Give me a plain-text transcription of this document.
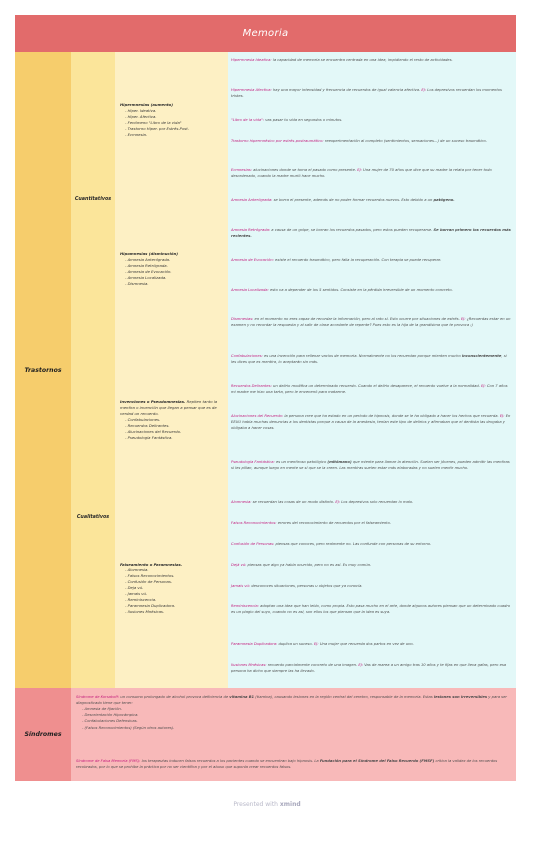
Memoria
Trastornos
Síndromes
Cuantitativos
Cualitativos
Hipermnesias (aumento)
- Hiper. Ideativa.
- Hiper. Afectiva.
- Fenómeno "Libro de la vida"
- Trastorno Hiper. por Estrés-Post.
- Ecmnesia.
Hipomnesias (disminución)
- Amnesia Anterógrada.
- Amnesia Retrógrada.
- Amnesia de Evocación.
- Amnesia Localizada.
- Dismnesia.
Invenciones o Pseudomnesias. Repiten tanto la mentira o invención que llegan a pensar que es de verdad un recuerdo.
- Confabulaciones.
- Recuerdos Delirantes.
- Alucinaciones del Recuerdo.
- Pseudología Fantástica.
Falseamiento o Paramnesias.
- Alomnesia.
- Falsos Reconocimientos.
- Confusión de Personas.
- Deja vú.
- Jamais vú.
- Reminiscencia.
- Paramnesia Duplicadora.
- Ilusiones Mnésicas.
Hipermnesia Ideativa: la capacidad de memoria se encuentra centrada en una idea, impidiendo el resto de actividades.
Hipermnesia Afectiva: hay una mayor intensidad y frecuencia de recuerdos de igual valencia afectiva. EJ: Los depresivos recuerdan los momentos tristes.
"Libro de la vida": vas pasar tu vida en segundos o minutos.
Trastorno hipermnésico por estrés-postraumático: reexperimentación al completo (sentimientos, sensaciones...) de un suceso traumático.
Ecmnesias: alucinaciones donde se toma el pasado como presente. EJ: Una mujer de 70 años que dice que su madre la relata por tener todo desordenado, cuando la madre murió hace mucho.
Amnesia Anterógrada: se borra el presente, además de no poder formar recuerdos nuevos. Esto debido a un patógeno.
Amnesia Retrógrada: a causa de un golpe, se borran los recuerdos pasados, pero estos pueden recuperarse. Se borran primero los recuerdos más recientes.
Amnesia de Evocación: existe el recuerdo traumático, pero falla la recuperación. Con terapia se puede recuperar.
Amnesia Localizada: esto va a depender de los 5 sentidos. Consiste en la pérdida irreversible de un momento concreto.
Dismnesias: en el momento no eres capaz de recordar la información, pero al rato sí. Esto ocurre por situaciones de estrés. EJ: ¿Recuerdas estar en un examen y no recordar la respuesta y al salir de clase acordarte de repente? Pues esto es la hija de la grandísima que te provoca ;)
Confabulaciones: es una invención para rellenar vacíos de memoria. Normalmente no los recuerdan porque mienten mucho inconscientemente, si les dices que es mentira, lo aceptarán sin más.
Recuerdos Delirantes: un delirio modifica un determinado recuerdo. Cuando el delirio desaparece, el recuerdo vuelve a la normalidad. EJ: Con 7 años mi madre me hizo una tarta, pero le envenenó para matarme.
Alucinaciones del Recuerdo: la persona cree que ha estado en un período de hipnosis, donde se le ha obligado a hacer los hechos que recuerda. EJ: En EEUU había muchas denuncias a los dentistas porque a causa de la anestesia, tenían este tipo de delirios y afirmaban que el dentista las drogaba y obligaba a hacer cosas.
Pseudología Fantástica: es un mentiroso patológico (mitómano) que miente para llamar la atención. Suelen ser jóvenes, pueden admitir las mentiras si les pillan, aunque luego en mente se sí que se la creen. Las mentiras suelen estar más elaboradas y no suelen mentir mucho.
Alomnesia: se recuerdan las cosas de un modo distinto. EJ: Los depresivos solo recuerdan lo malo.
Falsos Reconocimientos: errores del reconocimiento de recuerdos por el falseamiento.
Confusión de Personas: piensas que conoces, pero realmente no. Las confunde con personas de su entorno.
Dejá vú: piensas que algo ya había ocurrido, pero no es así. Es muy común.
Jamais vú: desconoces situaciones, personas u objetos que ya conocía.
Reminiscencia: adoptan una idea que han leído, como propia. Esto pasa mucho en el arte, donde algunos autores piensan que un determinado cuadro es un plagio del suyo, cuando no es así, son ellos los que piensan que la idea es suya.
Paramnesia Duplicadora: duplica un suceso. EJ: Una mujer que recuerda dos partos en vez de uno.
Ilusiones Mnésicas: recuerdo parcialmente concreto de una imagen. EJ: Vas de marea a un amigo tras 10 años y te fijas en que lleva gafas, pero esa persona ha dicho que siempre las ha llevado.
Síndrome de Korsakoff: un consumo prolongado de alcohol provoca deficiencia de vitamina B1 (tiamina), causando lesiones en la región central del cerebro, responsable de la memoria. Estas lesiones son irreversibles y para ser diagnosticado tiene que tener:
- Amnesia de fijación.
- Desorientación Hipocámpica.
- Confabulaciones Defensivas.
- (Falsos Reconocimientos) (Según otros autores).
Síndrome de Falsa Memoria (FMS): los terapeutas inducen falsos recuerdos a los pacientes cuando se encuentran bajo hipnosis. La Fundación para el Síndrome del Falso Recuerdo (FMSF) critica la validez de los recuerdos recobrados, por lo que se prohíbe la práctica por no ser científica y por el abuso que suponía crear recuerdos falsos.
Presented with xmind
